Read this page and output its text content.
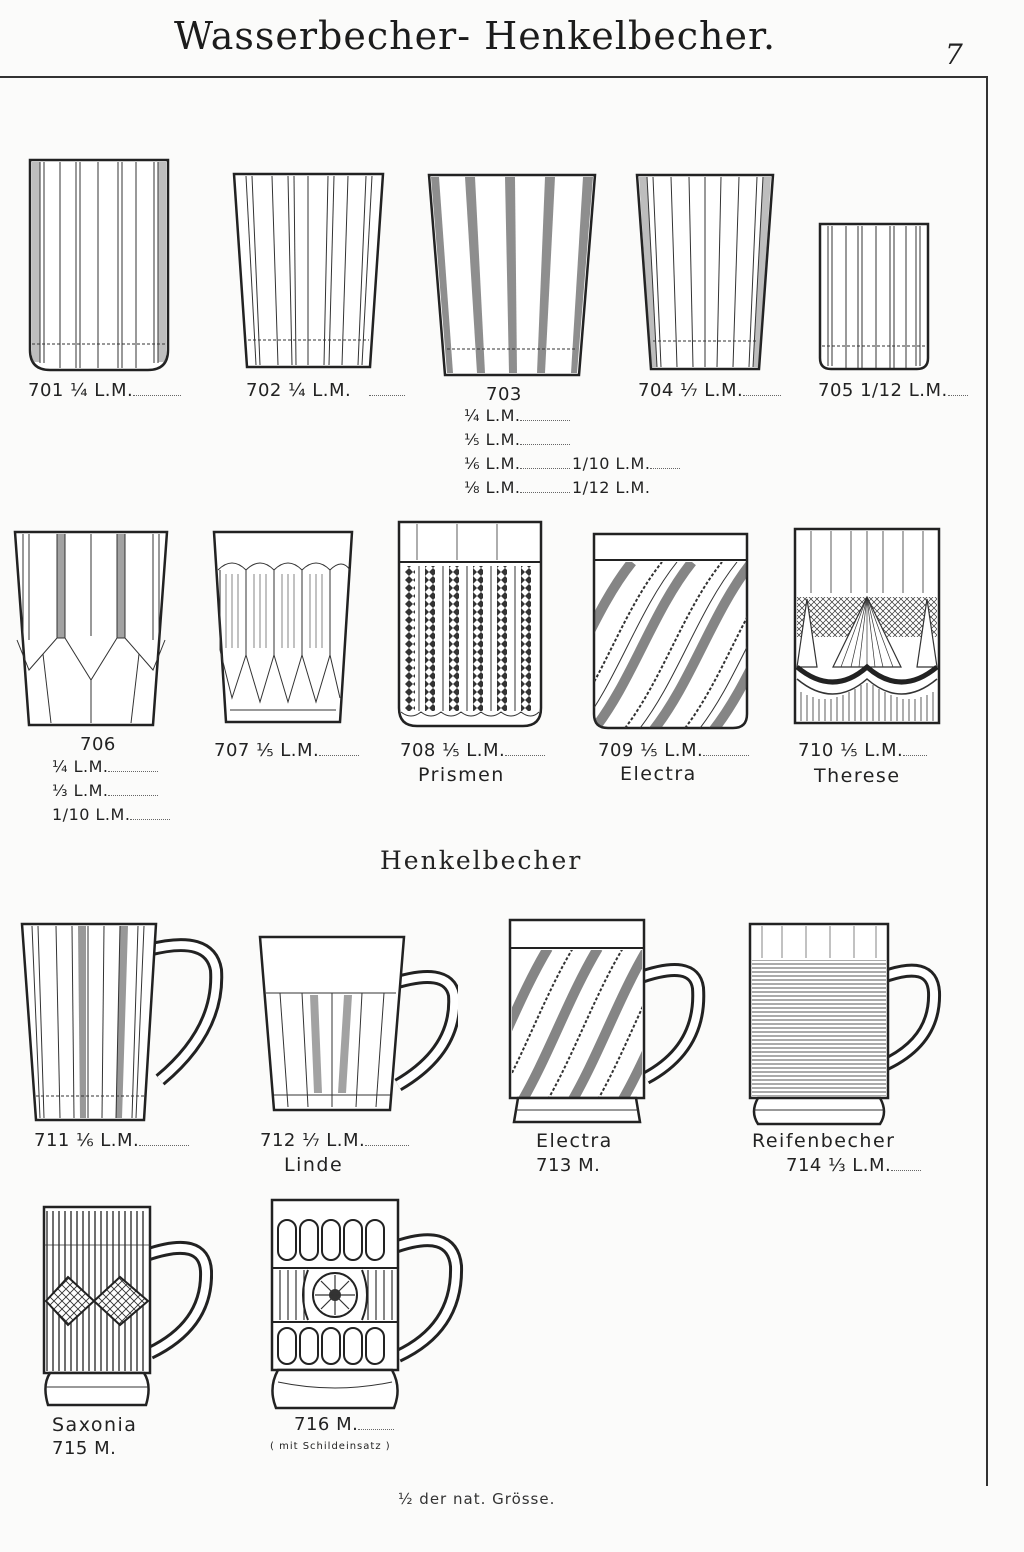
Wasserbecher- Henkelbecher.	7
701 ¼ L.M.	702 ¼ L.M.	703
¼ L.M.
⅕ L.M.
⅙ L.M.
⅛ L.M.
1/10 L.M.
1/12 L.M.
704 ⅐ L.M.	705 1/12 L.M.
706
¼ L.M.
⅓ L.M.
1/10 L.M.
707 ⅕ L.M.	708 ⅕ L.M.
Prismen
709 ⅕ L.M.
Electra
710 ⅕ L.M.
Therese
Henkelbecher
711 ⅙ L.M.	712 ⅐ L.M.
Linde
Electra
713 M.
Reifenbecher
714 ⅓ L.M.
Saxonia
715 M.
716 M.
( mit Schildeinsatz )
½ der nat. Grösse.
